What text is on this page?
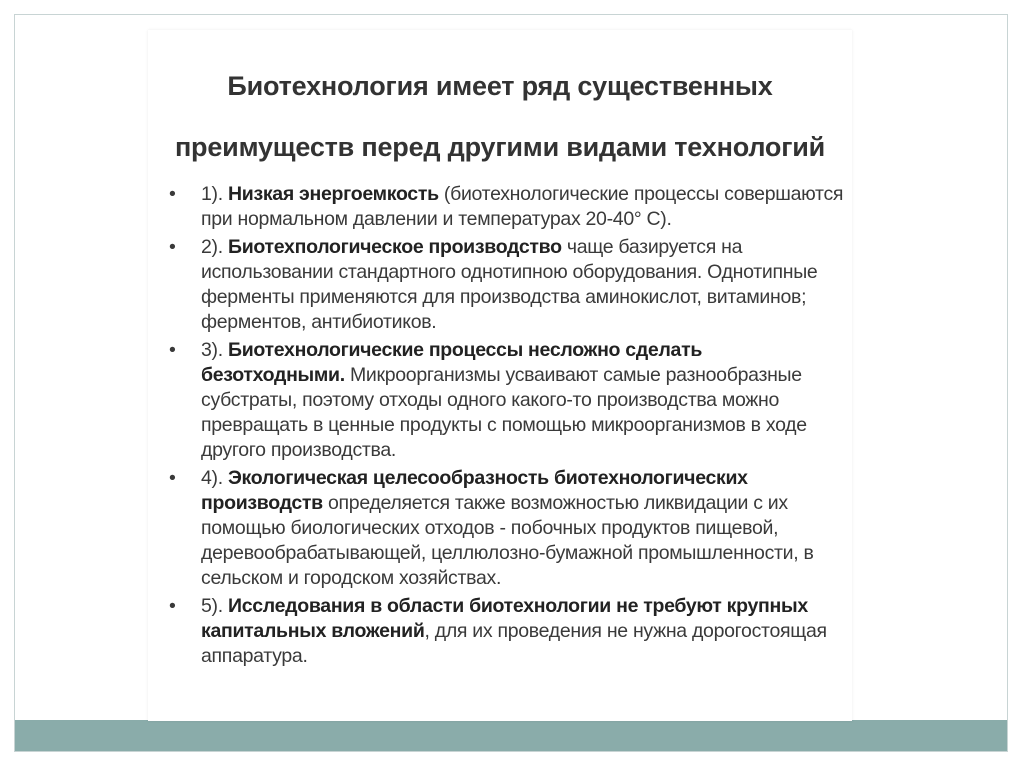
Биотехнология имеет ряд существенных
преимуществ перед другими видами технологий
•
1). Низкая энергоемкость (биотехнологические процессы совершаются при нормальном давлении и температурах 20-40° С).
•
2). Биотехпологическое производство чаще базируется на использовании стандартного однотипною оборудования. Однотипные ферменты применяются для производства аминокислот, витаминов; ферментов, антибиотиков.
•
3). Биотехнологические процессы несложно сделать безотходными. Микроорганизмы усваивают самые разнообразные субстраты, поэтому отходы одного какого-то производства можно превращать в ценные продукты с помощью микроорганизмов в ходе другого производства.
•
4). Экологическая целесообразность биотехнологических производств определяется также возможностью ликвидации с их помощью биологических отходов - побочных продуктов пищевой, деревообрабатывающей, целлюлозно-бумажной промышленности, в сельском и городском хозяйствах.
•
5). Исследования в области биотехнологии не требуют крупных капитальных вложений, для их проведения не нужна дорогостоящая аппаратура.
